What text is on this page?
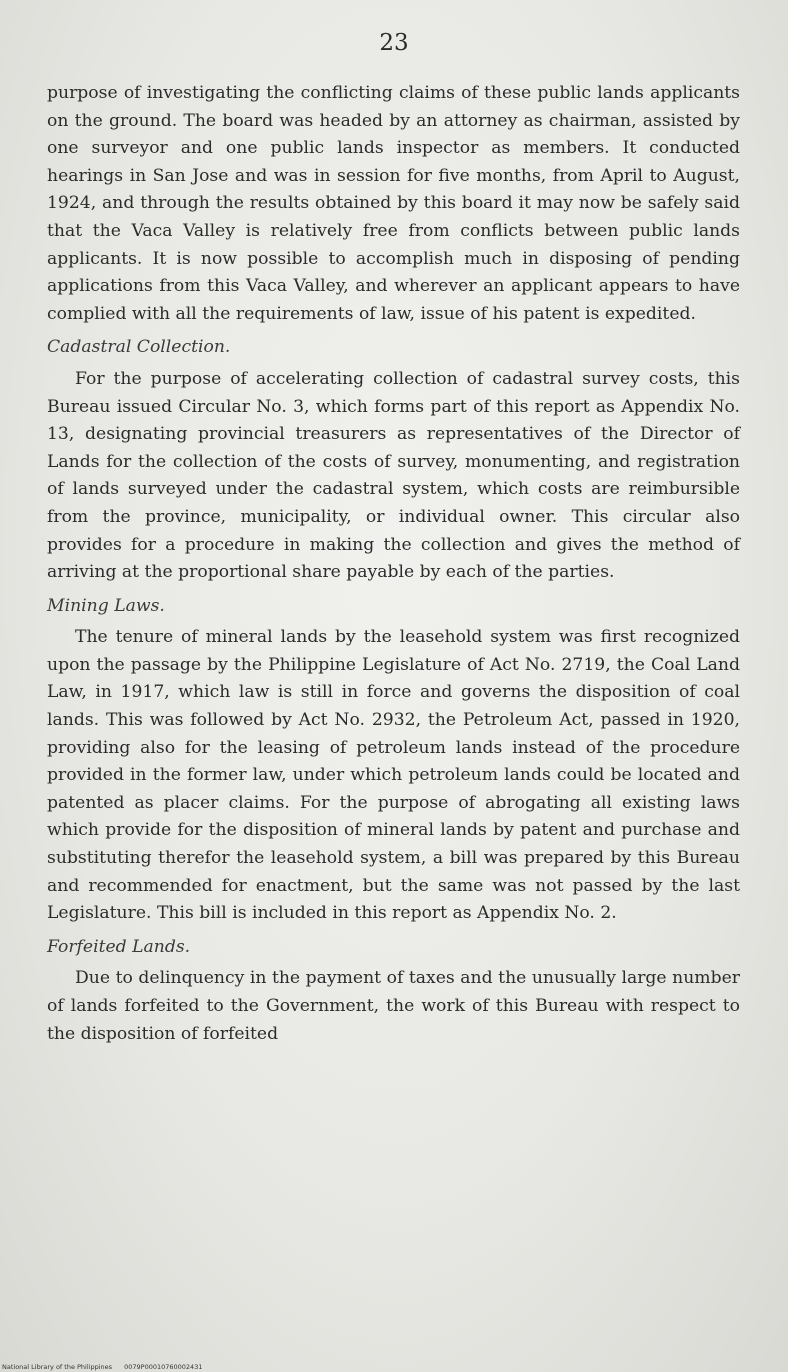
23

purpose of investigating the conflicting claims of these public lands applicants on the ground. The board was headed by an attorney as chairman, assisted by one surveyor and one public lands inspector as members. It conducted hearings in San Jose and was in session for five months, from April to August, 1924, and through the results obtained by this board it may now be safely said that the Vaca Valley is relatively free from conflicts between public lands applicants. It is now possible to accomplish much in disposing of pending applications from this Vaca Valley, and wherever an applicant appears to have complied with all the requirements of law, issue of his patent is expedited.

Cadastral Collection.

For the purpose of accelerating collection of cadastral survey costs, this Bureau issued Circular No. 3, which forms part of this report as Appendix No. 13, designating provincial treasurers as representatives of the Director of Lands for the collection of the costs of survey, monumenting, and registration of lands surveyed under the cadastral system, which costs are reimbursible from the province, municipality, or individual owner. This circular also provides for a procedure in making the collection and gives the method of arriving at the proportional share payable by each of the parties.

Mining Laws.

The tenure of mineral lands by the leasehold system was first recognized upon the passage by the Philippine Legislature of Act No. 2719, the Coal Land Law, in 1917, which law is still in force and governs the disposition of coal lands. This was followed by Act No. 2932, the Petroleum Act, passed in 1920, providing also for the leasing of petroleum lands instead of the procedure provided in the former law, under which petroleum lands could be located and patented as placer claims. For the purpose of abrogating all existing laws which provide for the disposition of mineral lands by patent and purchase and substituting therefor the leasehold system, a bill was prepared by this Bureau and recommended for enactment, but the same was not passed by the last Legislature. This bill is included in this report as Appendix No. 2.

Forfeited Lands.

Due to delinquency in the payment of taxes and the unusually large number of lands forfeited to the Government, the work of this Bureau with respect to the disposition of forfeited

National Library of the Philippines 0079P00010760002431
